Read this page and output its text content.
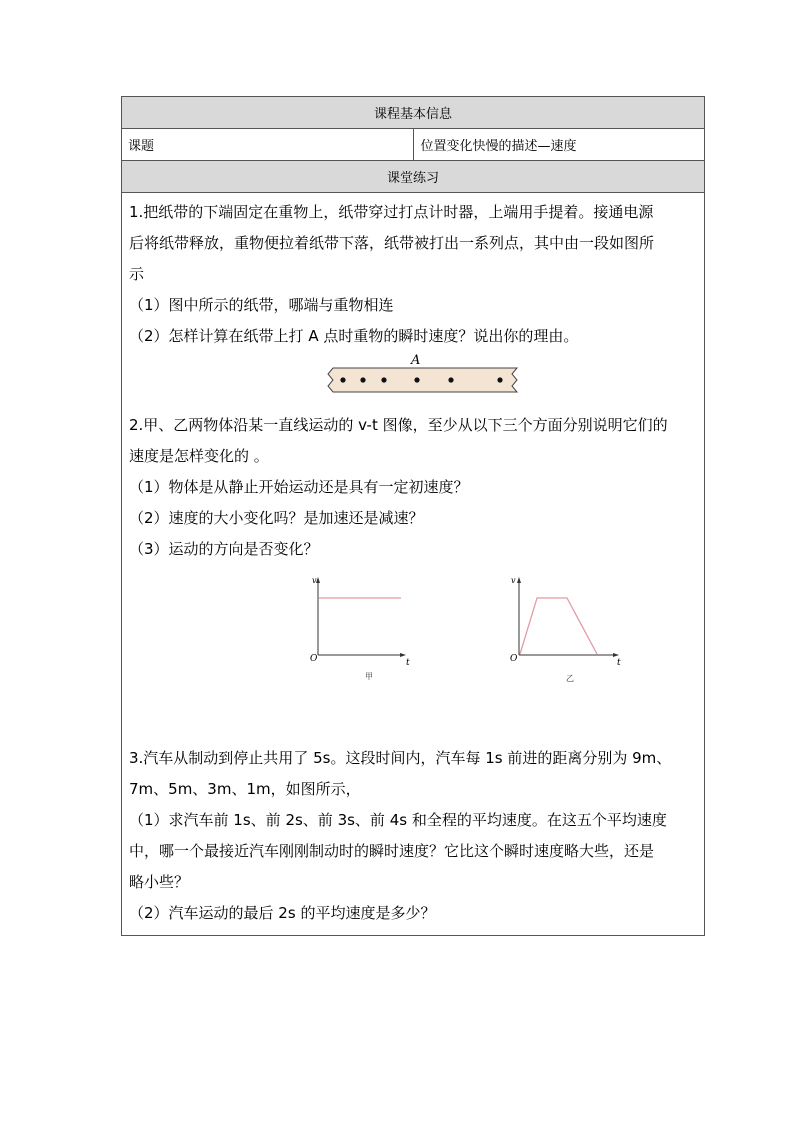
课程基本信息
课题	位置变化快慢的描述—速度
课堂练习

1.把纸带的下端固定在重物上，纸带穿过打点计时器，上端用手提着。接通电源
后将纸带释放，重物便拉着纸带下落，纸带被打出一系列点，其中由一段如图所
示
（1）图中所示的纸带，哪端与重物相连
（2）怎样计算在纸带上打 A 点时重物的瞬时速度？说出你的理由。
A
2.甲、乙两物体沿某一直线运动的 v-t 图像，至少从以下三个方面分别说明它们的
速度是怎样变化的 。
（1）物体是从静止开始运动还是具有一定初速度？
（2）速度的大小变化吗？是加速还是减速？
（3）运动的方向是否变化？
v
t
O
甲
v
t
O
乙
3.汽车从制动到停止共用了 5s。这段时间内，汽车每 1s 前进的距离分别为 9m、
7m、5m、3m、1m，如图所示，
（1）求汽车前 1s、前 2s、前 3s、前 4s 和全程的平均速度。在这五个平均速度
中，哪一个最接近汽车刚刚制动时的瞬时速度？它比这个瞬时速度略大些，还是
略小些？
（2）汽车运动的最后 2s 的平均速度是多少？
